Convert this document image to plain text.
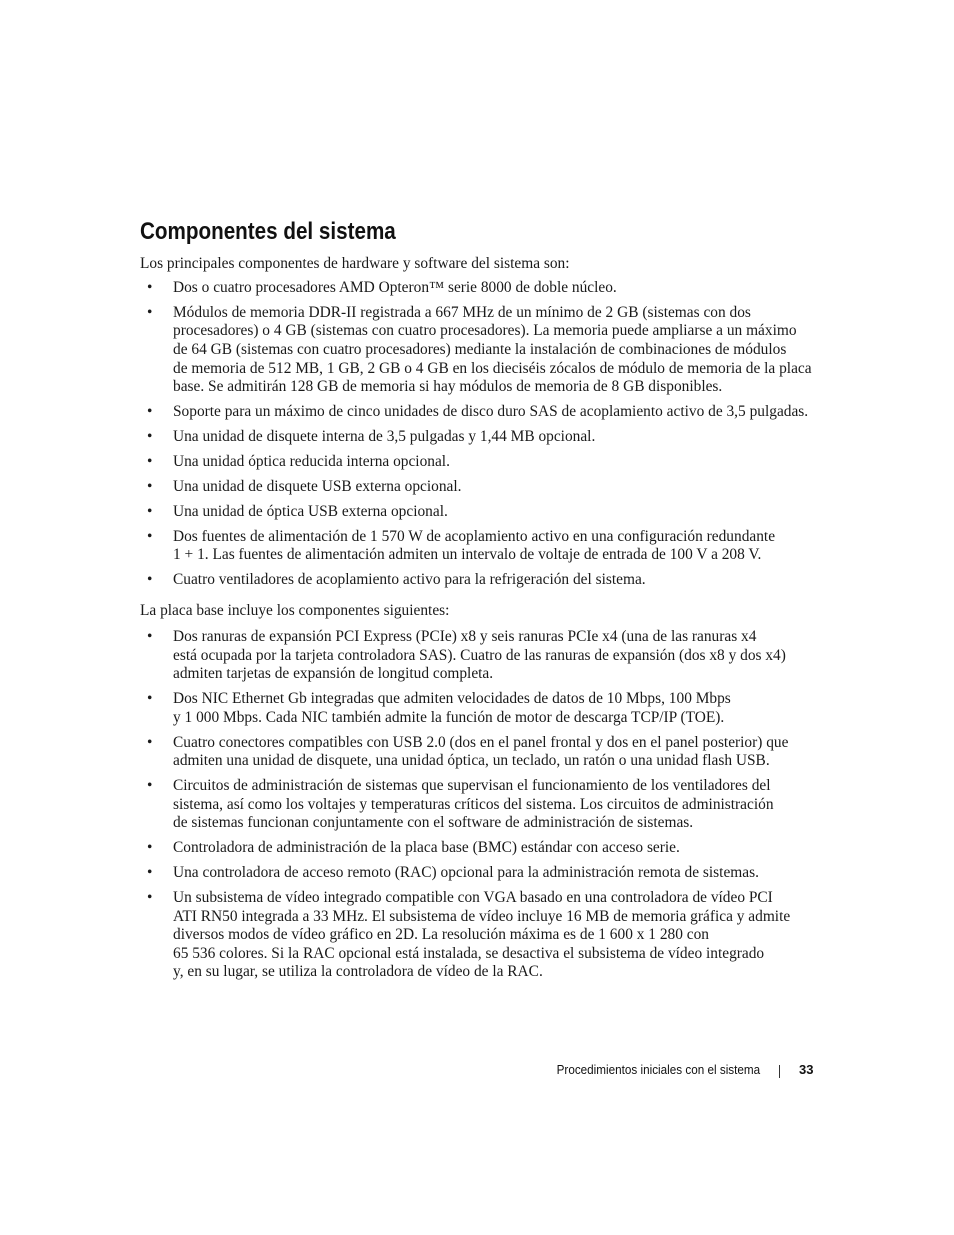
Componentes del sistema

Los principales componentes de hardware y software del sistema son:

• Dos o cuatro procesadores AMD Opteron™ serie 8000 de doble núcleo.
• Módulos de memoria DDR-II registrada a 667 MHz de un mínimo de 2 GB (sistemas con dos
procesadores) o 4 GB (sistemas con cuatro procesadores). La memoria puede ampliarse a un máximo
de 64 GB (sistemas con cuatro procesadores) mediante la instalación de combinaciones de módulos
de memoria de 512 MB, 1 GB, 2 GB o 4 GB en los dieciséis zócalos de módulo de memoria de la placa
base. Se admitirán 128 GB de memoria si hay módulos de memoria de 8 GB disponibles.
• Soporte para un máximo de cinco unidades de disco duro SAS de acoplamiento activo de 3,5 pulgadas.
• Una unidad de disquete interna de 3,5 pulgadas y 1,44 MB opcional.
• Una unidad óptica reducida interna opcional.
• Una unidad de disquete USB externa opcional.
• Una unidad de óptica USB externa opcional.
• Dos fuentes de alimentación de 1 570 W de acoplamiento activo en una configuración redundante
1 + 1. Las fuentes de alimentación admiten un intervalo de voltaje de entrada de 100 V a 208 V.
• Cuatro ventiladores de acoplamiento activo para la refrigeración del sistema.

La placa base incluye los componentes siguientes:

• Dos ranuras de expansión PCI Express (PCIe) x8 y seis ranuras PCIe x4 (una de las ranuras x4
está ocupada por la tarjeta controladora SAS). Cuatro de las ranuras de expansión (dos x8 y dos x4)
admiten tarjetas de expansión de longitud completa.
• Dos NIC Ethernet Gb integradas que admiten velocidades de datos de 10 Mbps, 100 Mbps
y 1 000 Mbps. Cada NIC también admite la función de motor de descarga TCP/IP (TOE).
• Cuatro conectores compatibles con USB 2.0 (dos en el panel frontal y dos en el panel posterior) que
admiten una unidad de disquete, una unidad óptica, un teclado, un ratón o una unidad flash USB.
• Circuitos de administración de sistemas que supervisan el funcionamiento de los ventiladores del
sistema, así como los voltajes y temperaturas críticos del sistema. Los circuitos de administración
de sistemas funcionan conjuntamente con el software de administración de sistemas.
• Controladora de administración de la placa base (BMC) estándar con acceso serie.
• Una controladora de acceso remoto (RAC) opcional para la administración remota de sistemas.
• Un subsistema de vídeo integrado compatible con VGA basado en una controladora de vídeo PCI
ATI RN50 integrada a 33 MHz. El subsistema de vídeo incluye 16 MB de memoria gráfica y admite
diversos modos de vídeo gráfico en 2D. La resolución máxima es de 1 600 x 1 280 con
65 536 colores. Si la RAC opcional está instalada, se desactiva el subsistema de vídeo integrado
y, en su lugar, se utiliza la controladora de vídeo de la RAC.
Procedimientos iniciales con el sistema	33
